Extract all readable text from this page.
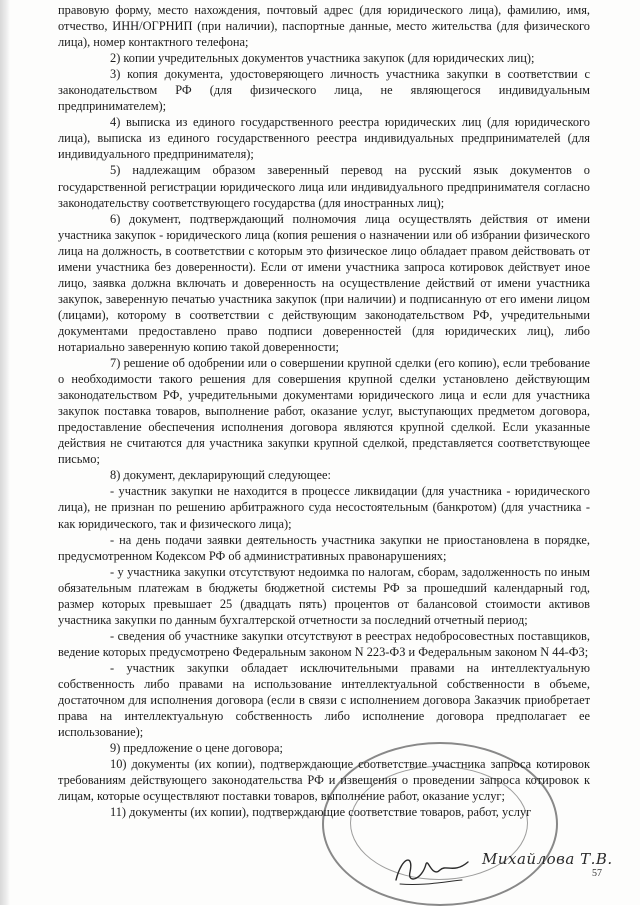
правовую форму, место нахождения, почтовый адрес (для юридического лица), фамилию, имя, отчество, ИНН/ОГРНИП (при наличии), паспортные данные, место жительства (для физического лица), номер контактного телефона;

2) копии учредительных документов участника закупок (для юридических лиц);

3) копия документа, удостоверяющего личность участника закупки в соответствии с законодательством РФ (для физического лица, не являющегося индивидуальным предпринимателем);

4) выписка из единого государственного реестра юридических лиц (для юридического лица), выписка из единого государственного реестра индивидуальных предпринимателей (для индивидуального предпринимателя);

5) надлежащим образом заверенный перевод на русский язык документов о государственной регистрации юридического лица или индивидуального предпринимателя согласно законодательству соответствующего государства (для иностранных лиц);

6) документ, подтверждающий полномочия лица осуществлять действия от имени участника закупок - юридического лица (копия решения о назначении или об избрании физического лица на должность, в соответствии с которым это физическое лицо обладает правом действовать от имени участника без доверенности). Если от имени участника запроса котировок действует иное лицо, заявка должна включать и доверенность на осуществление действий от имени участника закупок, заверенную печатью участника закупок (при наличии) и подписанную от его имени лицом (лицами), которому в соответствии с действующим законодательством РФ, учредительными документами предоставлено право подписи доверенностей (для юридических лиц), либо нотариально заверенную копию такой доверенности;

7) решение об одобрении или о совершении крупной сделки (его копию), если требование о необходимости такого решения для совершения крупной сделки установлено действующим законодательством РФ, учредительными документами юридического лица и если для участника закупок поставка товаров, выполнение работ, оказание услуг, выступающих предметом договора, предоставление обеспечения исполнения договора являются крупной сделкой. Если указанные действия не считаются для участника закупки крупной сделкой, представляется соответствующее письмо;

8) документ, декларирующий следующее:

- участник закупки не находится в процессе ликвидации (для участника - юридического лица), не признан по решению арбитражного суда несостоятельным (банкротом) (для участника - как юридического, так и физического лица);

- на день подачи заявки деятельность участника закупки не приостановлена в порядке, предусмотренном Кодексом РФ об административных правонарушениях;

- у участника закупки отсутствуют недоимка по налогам, сборам, задолженность по иным обязательным платежам в бюджеты бюджетной системы РФ за прошедший календарный год, размер которых превышает 25 (двадцать пять) процентов от балансовой стоимости активов участника закупки по данным бухгалтерской отчетности за последний отчетный период;

- сведения об участнике закупки отсутствуют в реестрах недобросовестных поставщиков, ведение которых предусмотрено Федеральным законом N 223-ФЗ и Федеральным законом N 44-ФЗ;

- участник закупки обладает исключительными правами на интеллектуальную собственность либо правами на использование интеллектуальной собственности в объеме, достаточном для исполнения договора (если в связи с исполнением договора Заказчик приобретает права на интеллектуальную собственность либо исполнение договора предполагает ее использование);

9) предложение о цене договора;

10) документы (их копии), подтверждающие соответствие участника запроса котировок требованиям действующего законодательства РФ и извещения о проведении запроса котировок к лицам, которые осуществляют поставки товаров, выполнение работ, оказание услуг;

11) документы (их копии), подтверждающие соответствие товаров, работ, услуг

Михайлова Т.В.
57
